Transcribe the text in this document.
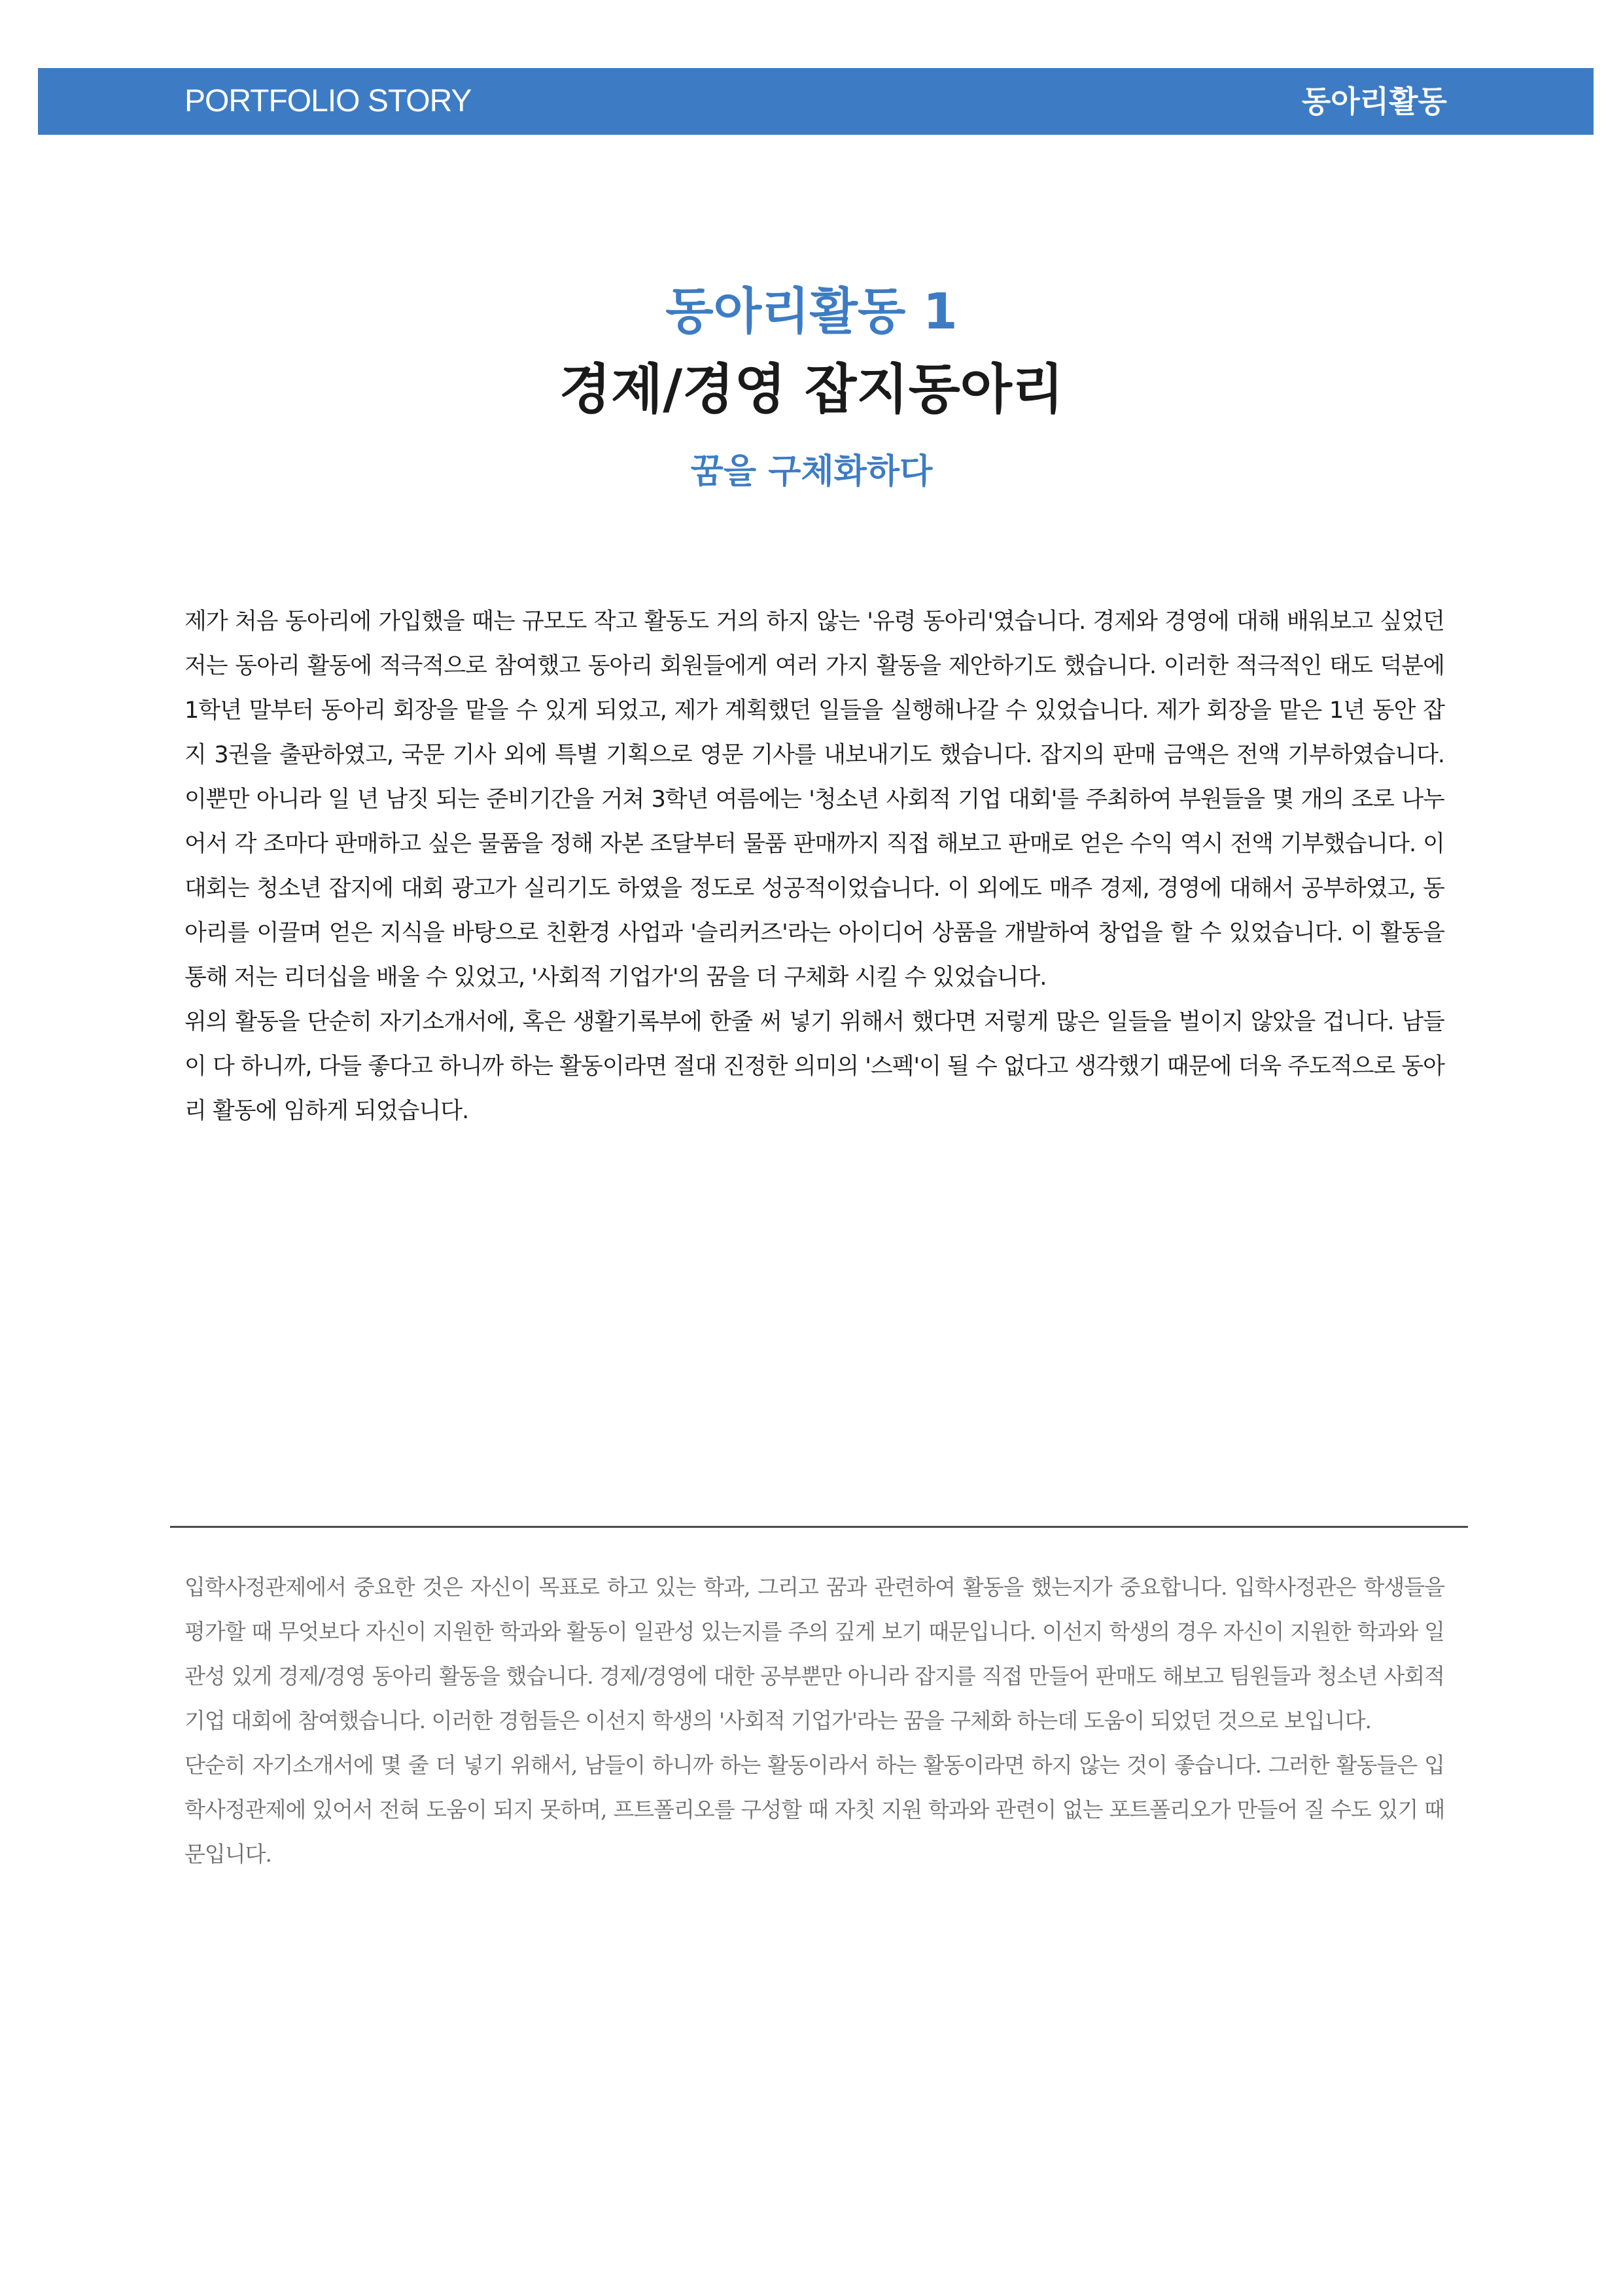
PORTFOLIO STORY	동아리활동
동아리활동 1
경제/경영 잡지동아리
꿈을 구체화하다

제가 처음 동아리에 가입했을 때는 규모도 작고 활동도 거의 하지 않는 '유령 동아리'였습니다. 경제와 경영에 대해 배워보고 싶었던 저는 동아리 활동에 적극적으로 참여했고 동아리 회원들에게 여러 가지 활동을 제안하기도 했습니다. 이러한 적극적인 태도 덕분에 1학년 말부터 동아리 회장을 맡을 수 있게 되었고, 제가 계획했던 일들을 실행해나갈 수 있었습니다. 제가 회장을 맡은 1년 동안 잡지 3권을 출판하였고, 국문 기사 외에 특별 기획으로 영문 기사를 내보내기도 했습니다. 잡지의 판매 금액은 전액 기부하였습니다. 이뿐만 아니라 일 년 남짓 되는 준비기간을 거쳐 3학년 여름에는 '청소년 사회적 기업 대회'를 주최하여 부원들을 몇 개의 조로 나누어서 각 조마다 판매하고 싶은 물품을 정해 자본 조달부터 물품 판매까지 직접 해보고 판매로 얻은 수익 역시 전액 기부했습니다. 이 대회는 청소년 잡지에 대회 광고가 실리기도 하였을 정도로 성공적이었습니다. 이 외에도 매주 경제, 경영에 대해서 공부하였고, 동아리를 이끌며 얻은 지식을 바탕으로 친환경 사업과 '슬리커즈'라는 아이디어 상품을 개발하여 창업을 할 수 있었습니다. 이 활동을 통해 저는 리더십을 배울 수 있었고, '사회적 기업가'의 꿈을 더 구체화 시킬 수 있었습니다.

위의 활동을 단순히 자기소개서에, 혹은 생활기록부에 한줄 써 넣기 위해서 했다면 저렇게 많은 일들을 벌이지 않았을 겁니다. 남들이 다 하니까, 다들 좋다고 하니까 하는 활동이라면 절대 진정한 의미의 '스펙'이 될 수 없다고 생각했기 때문에 더욱 주도적으로 동아리 활동에 임하게 되었습니다.

입학사정관제에서 중요한 것은 자신이 목표로 하고 있는 학과, 그리고 꿈과 관련하여 활동을 했는지가 중요합니다. 입학사정관은 학생들을 평가할 때 무엇보다 자신이 지원한 학과와 활동이 일관성 있는지를 주의 깊게 보기 때문입니다. 이선지 학생의 경우 자신이 지원한 학과와 일관성 있게 경제/경영 동아리 활동을 했습니다. 경제/경영에 대한 공부뿐만 아니라 잡지를 직접 만들어 판매도 해보고 팀원들과 청소년 사회적 기업 대회에 참여했습니다. 이러한 경험들은 이선지 학생의 '사회적 기업가'라는 꿈을 구체화 하는데 도움이 되었던 것으로 보입니다.

단순히 자기소개서에 몇 줄 더 넣기 위해서, 남들이 하니까 하는 활동이라서 하는 활동이라면 하지 않는 것이 좋습니다. 그러한 활동들은 입학사정관제에 있어서 전혀 도움이 되지 못하며, 프트폴리오를 구성할 때 자칫 지원 학과와 관련이 없는 포트폴리오가 만들어 질 수도 있기 때문입니다.
